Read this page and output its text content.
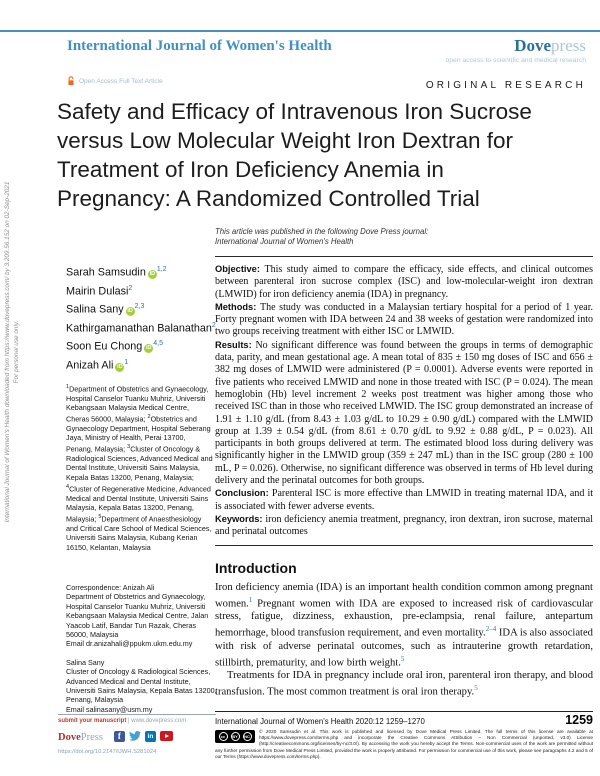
International Journal of Women's Health downloaded from https://www.dovepress.com/ by 3.209.56.152 on 02-Sep-2021 For personal use only.
International Journal of Women's Health	Dovepress
open access to scientific and medical research
Open Access Full Text Article	ORIGINAL RESEARCH
Safety and Efficacy of Intravenous Iron Sucrose
versus Low Molecular Weight Iron Dextran for
Treatment of Iron Deficiency Anemia in
Pregnancy: A Randomized Controlled Trial
This article was published in the following Dove Press journal:
International Journal of Women's Health
Sarah Samsudin iD$^{1,2}$
Mairin Dulasi$^2$
Salina Sany iD$^{2,3}$
Kathirgamanathan Balanathan$^2$
Soon Eu Chong iD$^{4,5}$
Anizah Ali $iD^1$
$^1$Department of Obstetrics and Gynaecology, Hospital Canselor Tuanku Muhriz, Universiti Kebangsaan Malaysia Medical Centre, Cheras 56000, Malaysia; $^2$Obstetrics and Gynaecology Department, Hospital Seberang Jaya, Ministry of Health, Perai 13700, Penang, Malaysia; $^3$Cluster of Oncology & Radiological Sciences, Advanced Medical and Dental Institute, Universiti Sains Malaysia, Kepala Batas 13200, Penang, Malaysia; $^4$Cluster of Regenerative Medicine, Advanced Medical and Dental Institute, Universiti Sains Malaysia, Kepala Batas 13200, Penang, Malaysia; $^5$Department of Anaesthesiology and Critical Care School of Medical Sciences, Universiti Sains Malaysia, Kubang Kerian 16150, Kelantan, Malaysia
Correspondence: Anizah Ali
Department of Obstetrics and Gynaecology, Hospital Canselor Tuanku Muhriz, Universiti Kebangsaan Malaysia Medical Centre, Jalan Yaacob Latif, Bandar Tun Razak, Cheras 56000, Malaysia
Email dr.anizahali@ppukm.ukm.edu.my
Salina Sany
Cluster of Oncology & Radiological Sciences, Advanced Medical and Dental Institute, Universiti Sains Malaysia, Kepala Batas 13200, Penang, Malaysia
Email salinasany@usm.my

Objective: This study aimed to compare the efficacy, side effects, and clinical outcomes between parenteral iron sucrose complex (ISC) and low-molecular-weight iron dextran (LMWID) for iron deficiency anemia (IDA) in pregnancy.

Methods: The study was conducted in a Malaysian tertiary hospital for a period of 1 year. Forty pregnant women with IDA between 24 and 38 weeks of gestation were randomized into two groups receiving treatment with either ISC or LMWID.

Results: No significant difference was found between the groups in terms of demographic data, parity, and mean gestational age. A mean total of 835 ± 150 mg doses of ISC and 656 ± 382 mg doses of LMWID were administered (P = 0.0001). Adverse events were reported in five patients who received LMWID and none in those treated with ISC (P = 0.024). The mean hemoglobin (Hb) level increment 2 weeks post treatment was higher among those who received ISC than in those who received LMWID. The ISC group demonstrated an increase of 1.91 ± 1.10 g/dL (from 8.43 ± 1.03 g/dL to 10.29 ± 0.90 g/dL) compared with the LMWID group at 1.39 ± 0.54 g/dL (from 8.61 ± 0.70 g/dL to 9.92 ± 0.88 g/dL, P = 0.023). All participants in both groups delivered at term. The estimated blood loss during delivery was significantly higher in the LMWID group (359 ± 247 mL) than in the ISC group (280 ± 100 mL, P = 0.026). Otherwise, no significant difference was observed in terms of Hb level during delivery and the perinatal outcomes for both groups.

Conclusion: Parenteral ISC is more effective than LMWID in treating maternal IDA, and it is associated with fewer adverse events.

Keywords: iron deficiency anemia treatment, pregnancy, iron dextran, iron sucrose, maternal and perinatal outcomes

Introduction

Iron deficiency anemia (IDA) is an important health condition common among pregnant women.$^1$ Pregnant women with IDA are exposed to increased risk of cardiovascular stress, fatigue, dizziness, exhaustion, pre-eclampsia, renal failure, antepartum hemorrhage, blood transfusion requirement, and even mortality.$^{2-4}$ IDA is also associated with risk of adverse perinatal outcomes, such as intrauterine growth retardation, stillbirth, prematurity, and low birth weight.$^5$

Treatments for IDA in pregnancy include oral iron, parenteral iron therapy, and blood transfusion. The most common treatment is oral iron therapy.$^5$

submit your manuscript | www.dovepress.com
DovePress	f	in
https://doi.org/10.2147/IJWH.S281024
International Journal of Women's Health 2020:12 1259–1270	1259
cc	BY	NC
© 2020 Samsudin et al. This work is published and licensed by Dove Medical Press Limited. The full terms of this license are available at https://www.dovepress.com/terms.php and incorporate the Creative Commons Attribution – Non Commercial (unported, v3.0) License (http://creativecommons.org/licenses/by-nc/3.0/). By accessing the work you hereby accept the Terms. Non-commercial uses of the work are permitted without any further permission from Dove Medical Press Limited, provided the work is properly attributed. For permission for commercial use of this work, please see paragraphs 4.2 and 5 of our Terms (https://www.dovepress.com/terms.php).
